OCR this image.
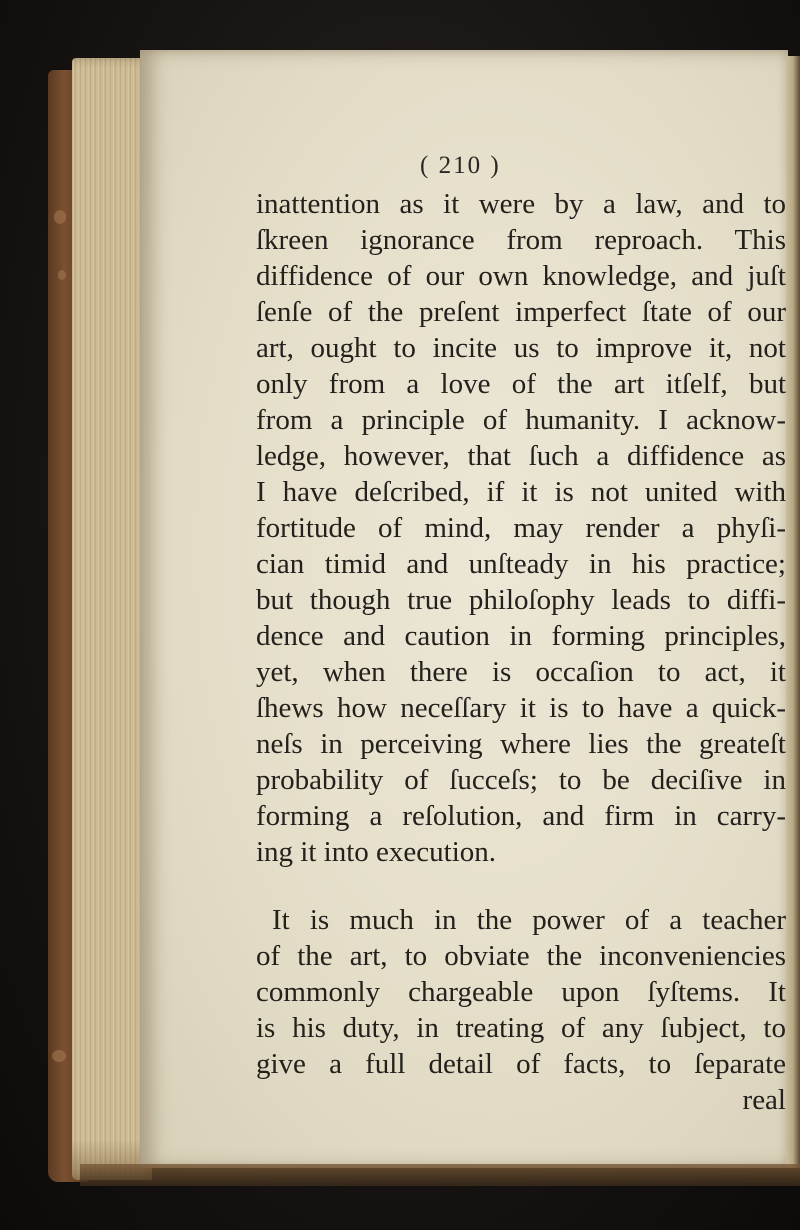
( 210 )
inattention as it were by a law, and to
ſkreen ignorance from reproach. This
diffidence of our own knowledge, and juſt
ſenſe of the preſent imperfect ſtate of our
art, ought to incite us to improve it, not
only from a love of the art itſelf, but
from a principle of humanity. I acknow-
ledge, however, that ſuch a diffidence as
I have deſcribed, if it is not united with
fortitude of mind, may render a phyſi-
cian timid and unſteady in his practice;
but though true philoſophy leads to diffi-
dence and caution in forming principles,
yet, when there is occaſion to act, it
ſhews how neceſſary it is to have a quick-
neſs in perceiving where lies the greateſt
probability of ſucceſs; to be deciſive in
forming a reſolution, and firm in carry-
ing it into execution.
It is much in the power of a teacher
of the art, to obviate the inconveniencies
commonly chargeable upon ſyſtems. It
is his duty, in treating of any ſubject, to
give a full detail of facts, to ſeparate
real
